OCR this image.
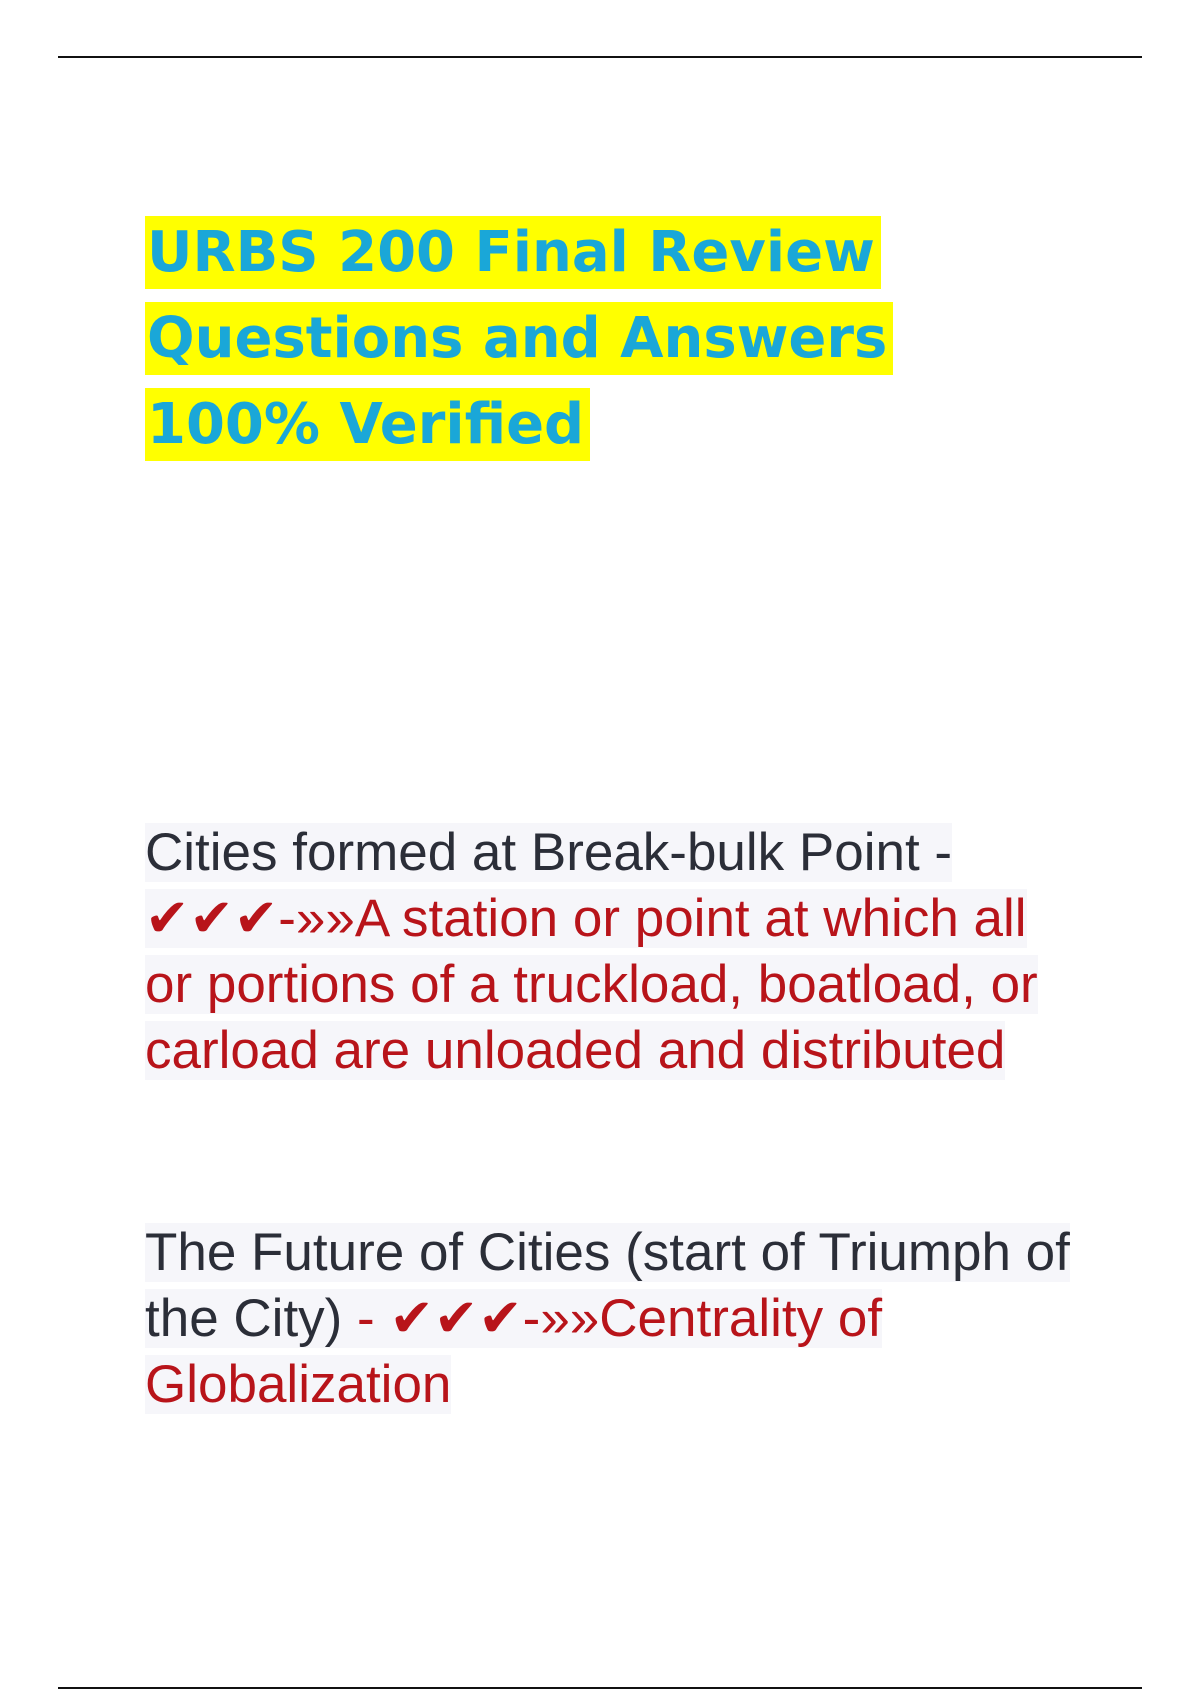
URBS 200 Final Review
Questions and Answers
100% Verified
Cities formed at Break-bulk Point - ✔✔✔-»»A station or point at which all or portions of a truckload, boatload, or carload are unloaded and distributed
The Future of Cities (start of Triumph of the City) - ✔✔✔-»»Centrality of Globalization
